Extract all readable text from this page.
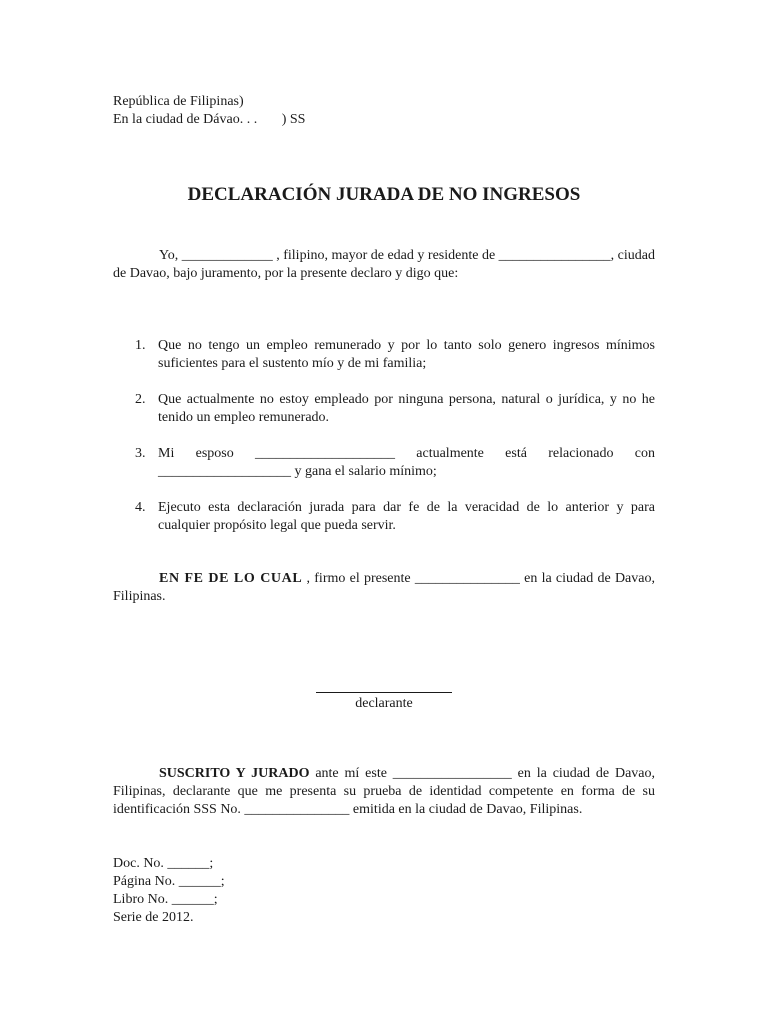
República de Filipinas)
En la ciudad de Dávao. . .       ) SS
DECLARACIÓN JURADA DE NO INGRESOS
Yo, _____________ , filipino, mayor de edad y residente de ________________, ciudad de Davao, bajo juramento, por la presente declaro y digo que:
1. Que no tengo un empleo remunerado y por lo tanto solo genero ingresos mínimos suficientes para el sustento mío y de mi familia;
2. Que actualmente no estoy empleado por ninguna persona, natural o jurídica, y no he tenido un empleo remunerado.
3. Mi esposo ____________________ actualmente está relacionado con ___________________ y gana el salario mínimo;
4. Ejecuto esta declaración jurada para dar fe de la veracidad de lo anterior y para cualquier propósito legal que pueda servir.
EN FE DE LO CUAL , firmo el presente _______________ en la ciudad de Davao, Filipinas.
declarante
SUSCRITO Y JURADO ante mí este _________________ en la ciudad de Davao, Filipinas, declarante que me presenta su prueba de identidad competente en forma de su identificación SSS No. _______________ emitida en la ciudad de Davao, Filipinas.
Doc. No. ______;
Página No. ______;
Libro No. ______;
Serie de 2012.
